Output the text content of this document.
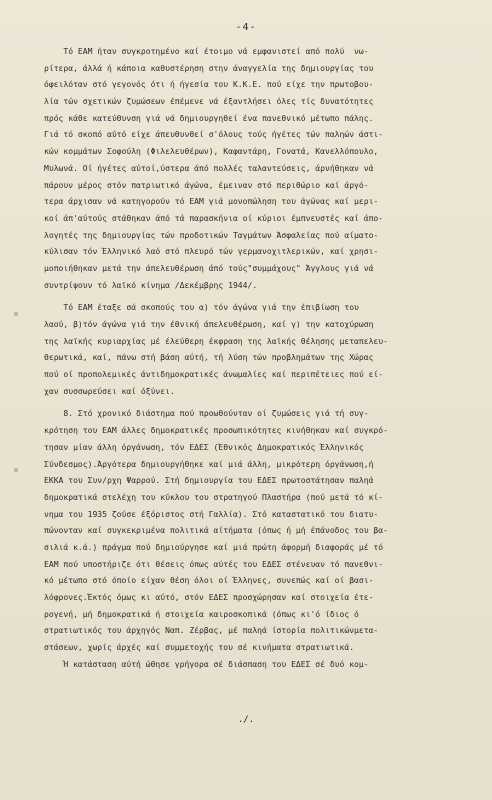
-4-
Τό ΕΑΜ ήταν συγκροτημένο καί έτοιμο νά εμφανιστεί από πολύ  νω-
ρίτερα, άλλά ή κάποια καθυστέρηση στην άναγγελία της δημιουργίας του
όφειλόταν στό γεγονός ότι ή ήγεσία του Κ.Κ.Ε. πού είχε την πρωτοβου-
λία τών σχετικών ζυμώσεων έπέμενε νά έξαντλήσει όλες τίς δυνατότητες
πρός κάθε κατεύθυνση γιά νά δημιουργηθεί ένα πανεθνικό μέτωπο πάλης.
Γιά τό σκοπό αύτό είχε άπευθυνθεί σ'όλους τούς ήγέτες τών παληών άστι-
κών κομμάτων Σοφούλη (Φιλελευθέρων), Καφαντάρη, Γονατά, Κανελλόπουλο,
Μυλωνά. Οί ήγέτες αύτοί,ύστερα άπό πολλές ταλαντεύσεις, άρνήθηκαν νά
πάρουν μέρος στόν πατριωτικό άγώνα, έμειναν στό περιθώριο καί άργό-
τερα άρχισαν νά κατηγορούν τό ΕΑΜ γιά μονοπώληση του άγώνας καί μερι-
κοί άπ'αύτούς στάθηκαν άπό τά παρασκήνια οί κύριοι έμπνευστές καί άπο-
λογητές της δημιουργίας τών προδοτικών Ταγμάτων Άσφαλείας πού αίματο-
κύλισαν τόν Έλληνικό λαό στό πλευρό τών γερμανοχιτλερικών, καί χρησι-
μοποιήθηκαν μετά την άπελευθέρωση άπό τούς"συμμάχους" Άγγλους γιά νά
συντρίψουν τό λαϊκό κίνημα /Δεκέμβρης 1944/.
Τό ΕΑΜ έταξε σά σκοπούς του α) τόν άγώνα γιά την έπιβίωση του
λαού, β)τόν άγώνα γιά την έθνική άπελευθέρωση, καί γ) την κατοχύρωση
της λαϊκής κυριαρχίας μέ έλεύθερη έκφραση της λαϊκής θέλησης μεταπελευ-
θερωτικά, καί, πάνω στή βάση αύτή, τή λύση τών προβλημάτων της Χώρας
πού οί προπολεμικές άντιδημοκρατικές άνωμαλίες καί περιπέτειες πού εί-
χαν συσσωρεύσει καί όξύνει.
8. Στό χρονικό διάστημα πού προωθούνταν οί ζυμώσεις γιά τή συγ-
κρότηση του ΕΑΜ άλλες δημοκρατικές προσωπικότητες κινήθηκαν καί συγκρό-
τησαν μίαν άλλη όργάνωση, τόν ΕΔΕΣ (Έθνικός Δημοκρατικός Έλληνικός
Σύνδεσμος).Άργότερα δημιουργήθηκε καί μιά άλλη, μικρότερη όργάνωση,ή
ΕΚΚΑ του Συν/ρχη Ψαρρού. Στή δημιουργία του ΕΔΕΣ πρωτοστάτησαν παληά
δημοκρατικά στελέχη του κύκλου του στρατηγού Πλαστήρα (πού μετά τό κί-
νημα του 1935 ζούσε έξόριστος στή Γαλλία). Στό καταστατικό του διατυ-
πώνονταν καί συγκεκριμένα πολιτικά αίτήματα (όπως ή μή έπάνοδος του βα-
σιλιά κ.ά.) πράγμα πού δημιούργησε καί μιά πρώτη άφορμή διαφοράς μέ τό
ΕΑΜ πού υποστήριζε ότι θέσεις όπως αύτές του ΕΔΕΣ στένευαν τό πανεθνι-
κό μέτωπο στό όποίο είχαν θέση όλοι οί Έλληνες, συνεπώς καί οί βασι-
λόφρονες.Έκτός όμως κι αύτό, στόν ΕΔΕΣ προσχώρησαν καί στοιχεία έτε-
ρογενή, μή δημοκρατικά ή στοιχεία καιροσκοπικά (όπως κι'ό ίδιος ό
στρατιωτικός του άρχηγός Ναπ. Ζέρβας, μέ παληά ίστορία πολιτικώνμετα-
στάσεων, χωρίς άρχές καί συμμετοχής του σέ κινήματα στρατιωτικά.
Ή κατάσταση αύτή ώθησε γρήγορα σέ διάσπαση του ΕΔΕΣ σέ δυό κομ-
./.
